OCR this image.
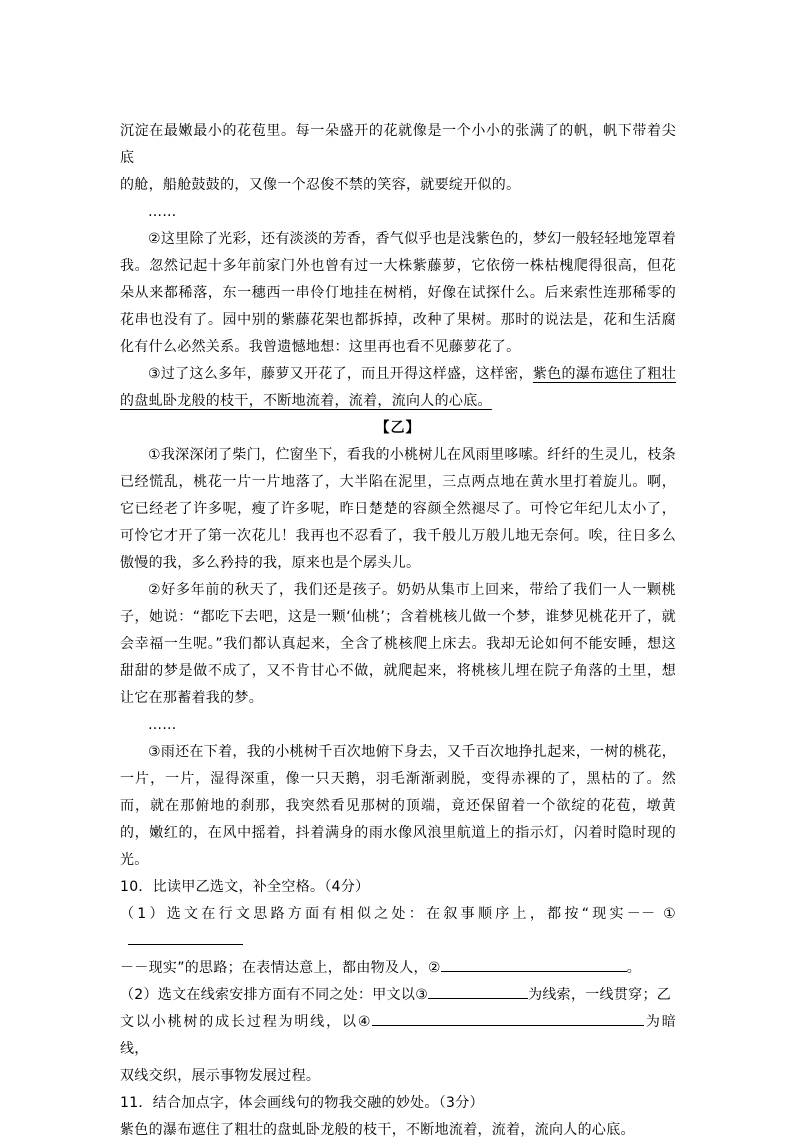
沉淀在最嫩最小的花苞里。每一朵盛开的花就像是一个小小的张满了的帆，帆下带着尖底

的舱，船舱鼓鼓的，又像一个忍俊不禁的笑容，就要绽开似的。

……

②这里除了光彩，还有淡淡的芳香，香气似乎也是浅紫色的，梦幻一般轻轻地笼罩着我。忽然记起十多年前家门外也曾有过一大株紫藤萝，它依傍一株枯槐爬得很高，但花朵从来都稀落，东一穗西一串伶仃地挂在树梢，好像在试探什么。后来索性连那稀零的花串也没有了。园中别的紫藤花架也都拆掉，改种了果树。那时的说法是，花和生活腐化有什么必然关系。我曾遗憾地想：这里再也看不见藤萝花了。

③过了这么多年，藤萝又开花了，而且开得这样盛，这样密，紫色的瀑布遮住了粗壮的盘虬卧龙般的枝干，不断地流着，流着，流向人的心底。

【乙】

①我深深闭了柴门，伫窗坐下，看我的小桃树儿在风雨里哆嗦。纤纤的生灵儿，枝条已经慌乱，桃花一片一片地落了，大半陷在泥里，三点两点地在黄水里打着旋儿。啊，它已经老了许多呢，瘦了许多呢，昨日楚楚的容颜全然褪尽了。可怜它年纪儿太小了，可怜它才开了第一次花儿！我再也不忍看了，我千般儿万般儿地无奈何。唉，往日多么傲慢的我，多么矜持的我，原来也是个孱头儿。

②好多年前的秋天了，我们还是孩子。奶奶从集市上回来，带给了我们一人一颗桃子，她说：“都吃下去吧，这是一颗‘仙桃’；含着桃核儿做一个梦，谁梦见桃花开了，就会幸福一生呢。”我们都认真起来，全含了桃核爬上床去。我却无论如何不能安睡，想这甜甜的梦是做不成了，又不肯甘心不做，就爬起来，将桃核儿埋在院子角落的土里，想让它在那蓄着我的梦。

……

③雨还在下着，我的小桃树千百次地俯下身去，又千百次地挣扎起来，一树的桃花，一片，一片，湿得深重，像一只天鹅，羽毛渐渐剥脱，变得赤裸的了，黑枯的了。然而，就在那俯地的刹那，我突然看见那树的顶端，竟还保留着一个欲绽的花苞，墩黄的，嫩红的，在风中摇着，抖着满身的雨水像风浪里航道上的指示灯，闪着时隐时现的光。

10．比读甲乙选文，补全空格。（4分）

（1）选文在行文思路方面有相似之处：在叙事顺序上，都按“现实－－ ①

－－现实”的思路；在表情达意上，都由物及人，②	。

（2）选文在线索安排方面有不同之处：甲文以③	为线索，一线贯穿；乙

文以小桃树的成长过程为明线，以④	为暗线，

双线交织，展示事物发展过程。

11．结合加点字，体会画线句的物我交融的妙处。（3分）

紫色的瀑布遮住了粗壮的盘虬卧龙般的枝干，不断地流着，流着，流向人的心底。
